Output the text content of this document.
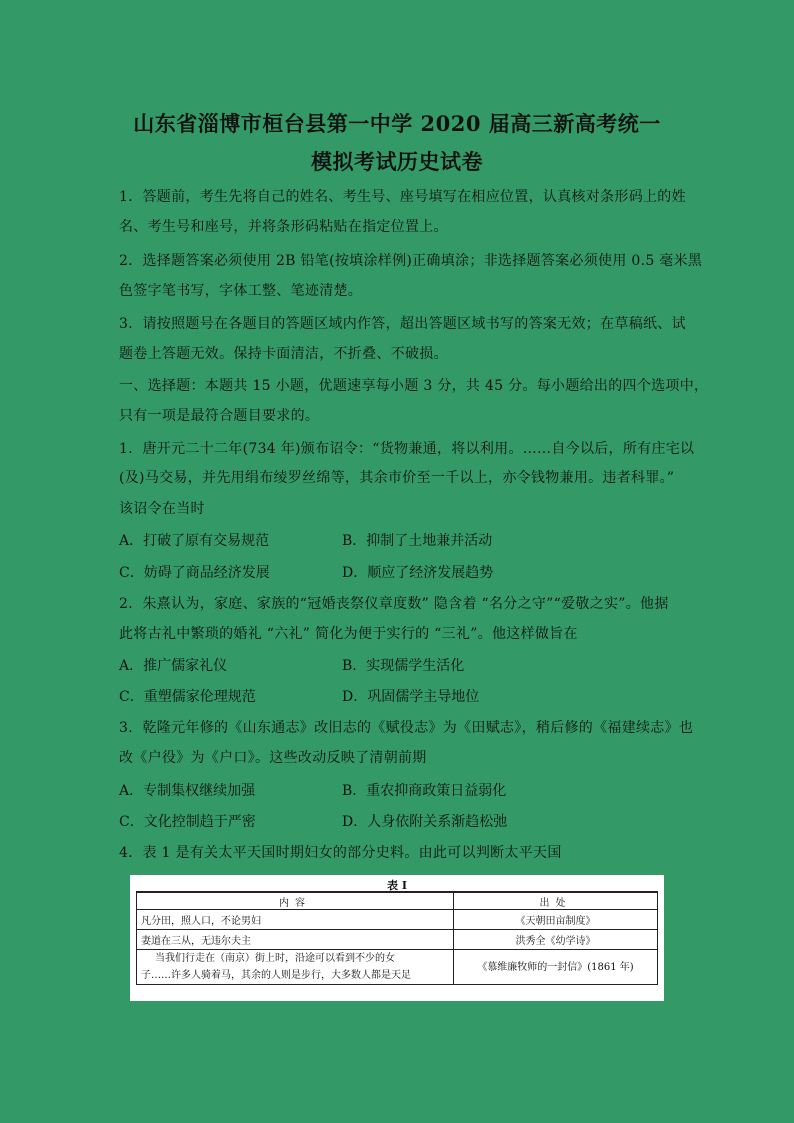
山东省淄博市桓台县第一中学 2020 届高三新高考统一
模拟考试历史试卷
1．答题前，考生先将自己的姓名、考生号、座号填写在相应位置，认真核对条形码上的姓
名、考生号和座号，并将条形码粘贴在指定位置上。
2．选择题答案必须使用 2B 铅笔(按填涂样例)正确填涂；非选择题答案必须使用 0.5 毫米黑
色签字笔书写，字体工整、笔迹清楚。
3．请按照题号在各题目的答题区域内作答，超出答题区域书写的答案无效；在草稿纸、试
题卷上答题无效。保持卡面清洁，不折叠、不破损。
一、选择题：本题共 15 小题，优题速享每小题 3 分，共 45 分。每小题给出的四个选项中，
只有一项是最符合题目要求的。
1．唐开元二十二年(734 年)颁布诏令：“货物兼通，将以利用。……自今以后，所有庄宅以
(及)马交易，并先用绢布绫罗丝绵等，其余市价至一千以上，亦令钱物兼用。违者科罪。”
该诏令在当时
A．打破了原有交易规范	B．抑制了土地兼并活动
C．妨碍了商品经济发展	D．顺应了经济发展趋势
2．朱熹认为，家庭、家族的“冠婚丧祭仪章度数” 隐含着 “名分之守”“爱敬之实”。他据
此将古礼中繁琐的婚礼 “六礼” 简化为便于实行的 “三礼”。他这样做旨在
A．推广儒家礼仪	B．实现儒学生活化
C．重塑儒家伦理规范	D．巩固儒学主导地位
3．乾隆元年修的《山东通志》改旧志的《赋役志》为《田赋志》，稍后修的《福建续志》也
改《户役》为《户口》。这些改动反映了清朝前期
A．专制集权继续加强	B．重农抑商政策日益弱化
C．文化控制趋于严密	D．人身依附关系渐趋松弛
4．表 1 是有关太平天国时期妇女的部分史料。由此可以判断太平天国
表 I
内容	出处
凡分田，照人口，不论男妇	《天朝田亩制度》
妻道在三从，无违尔夫主	洪秀全《幼学诗》

当我们行走在（南京）街上时，沿途可以看到不少的女
子……许多人骑着马，其余的人则是步行，大多数人都是天足	《慕维廉牧师的一封信》(1861 年)
